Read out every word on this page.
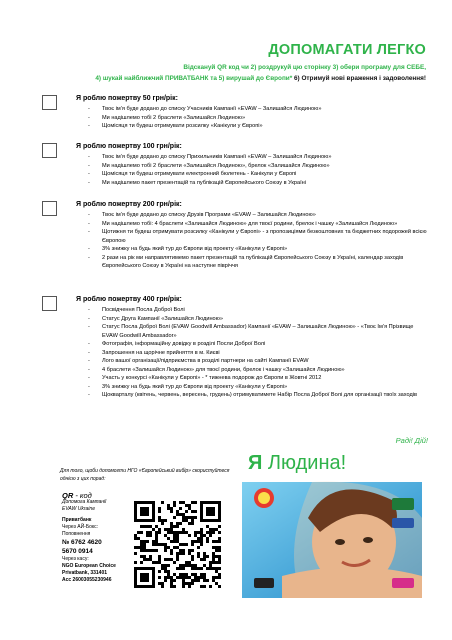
ДОПОМАГАТИ ЛЕГКО
Відскануй QR код чи 2) роздрукуй цю сторінку 3) обери програму для СЕБЕ,
4) шукай найближчий ПРИВАТБАНК та 5) вирушай до Європи* 6) Отримуй нові враження і задоволення!
Я роблю пожертву 50 грн/рік:
- Твоє ім’я буде додано до списку Учасників Кампанії «EVAW – Залишайся Людиною»
- Ми надішлемо тобі 2 браслети «Залишайся Людиною»
- Щомісяця ти будеш отримувати розсилку «Канікули у Європі»
Я роблю пожертву 100 грн/рік:
- Твоє ім’я буде додано до списку Прихильників Кампанії «EVAW – Залишайся Людиною»
- Ми надішлемо тобі 2 браслети «Залишайся Людиною», брелок «Залишайся Людиною»
- Щомісяця ти будеш отримувати електронний бюлетень - Канікули у Європі
- Ми надішлемо пакет презентацій та публікацій Європейського Союзу в Україні
Я роблю пожертву 200 грн/рік:
- Твоє ім’я буде додано до списку Друзів Програми «EVAW – Залишайся Людиною»
- Ми надішлемо тобі: 4 браслети «Залишайся Людиною» для твоєї родини, брелок і чашку «Залишайся Людиною»
- Щотижня ти будеш отримувати розсилку «Канікули у Європі» - з пропозиціями безкоштовних та бюджетних подорожей всією Європою
- 3% знижку на будь який тур до Європи від проекту «Канікули у Європі»
- 2 рази на рік ми направлятимемо пакет презентацій та публікацій Європейського Союзу в Україні, календар заходів Європейського Союзу в Україні на наступне півріччя
Я роблю пожертву 400 грн/рік:
- Посвідчення Посла Доброї Волі
- Статус Друга Кампанії «Залишайся Людиною»
- Статус Посла Доброї Волі (EVAW Goodwill Ambassador) Кампанії «EVAW – Залишайся Людиною» - «Твоє Ім’я Прізвище EVAW Goodwill Ambassador»
- Фотографія, інформаційну довідку в розділі Посли Доброї Волі
- Запрошення на щорічне прийняття в м. Києві
- Лого вашої організації/підприємства в розділі партнери на сайті Кампанії EVAW
- 4 браслети «Залишайся Людиною» для твоєї родини, брелок і чашку «Залишайся Людиною»
- Участь у конкурсі «Канікули у Європі» - * тижнева подорож до Європи в Жовтні 2012
- 3% знижку на будь який тур до Європи від проекту «Канікули у Європі»
- Щокварталу (квітень, червень, вересень, грудень) отримуватимете Набір Посла Доброї Волі для організації твоїх заходів
Раді! Дій!
Для того, щоби допомогти НГО «Європейський вибір» скористуйтеся однією з цих порад:
QR - код
Допомога Кампанії
EVAW Ukraine
Приватбанк
Через АЙ-Бокс:
Поповнення
№ 6762 4620
5670 0914
Через касу:
NGO European Choice
Privatbank, 331401
Acc 26003055230946
Я Людина!
